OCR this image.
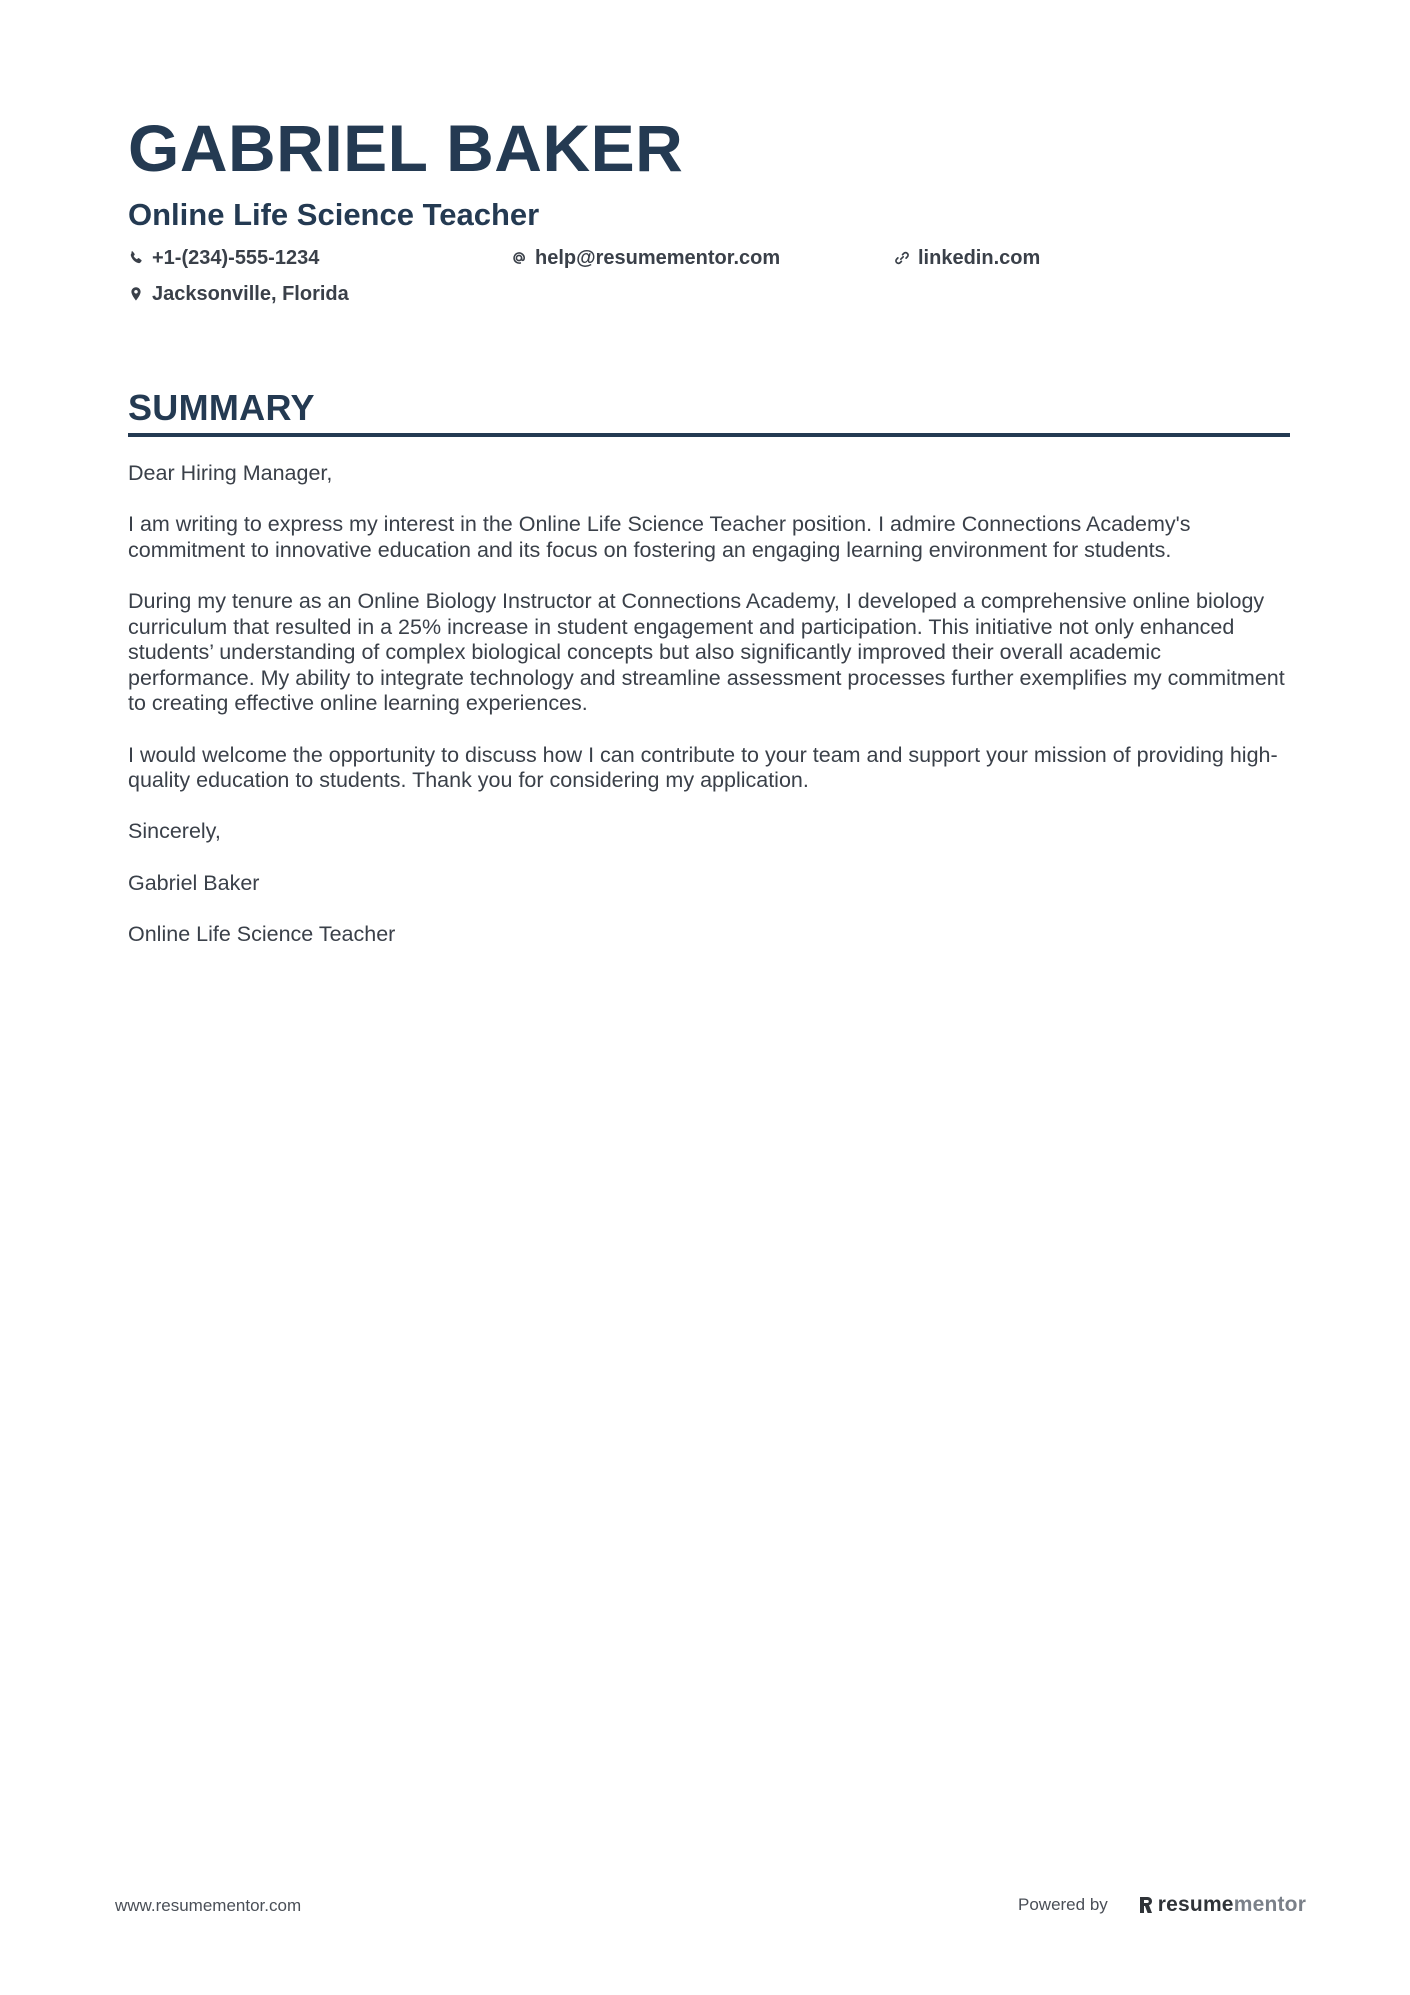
GABRIEL BAKER
Online Life Science Teacher
+1-(234)-555-1234	help@resumementor.com	linkedin.com
Jacksonville, Florida
SUMMARY

Dear Hiring Manager,

I am writing to express my interest in the Online Life Science Teacher position. I admire Connections Academy's commitment to innovative education and its focus on fostering an engaging learning environment for students.

During my tenure as an Online Biology Instructor at Connections Academy, I developed a comprehensive online biology curriculum that resulted in a 25% increase in student engagement and participation. This initiative not only enhanced students’ understanding of complex biological concepts but also significantly improved their overall academic performance. My ability to integrate technology and streamline assessment processes further exemplifies my commitment to creating effective online learning experiences.

I would welcome the opportunity to discuss how I can contribute to your team and support your mission of providing high-quality education to students. Thank you for considering my application.

Sincerely,

Gabriel Baker

Online Life Science Teacher

www.resumementor.com	Powered by resume mentor
